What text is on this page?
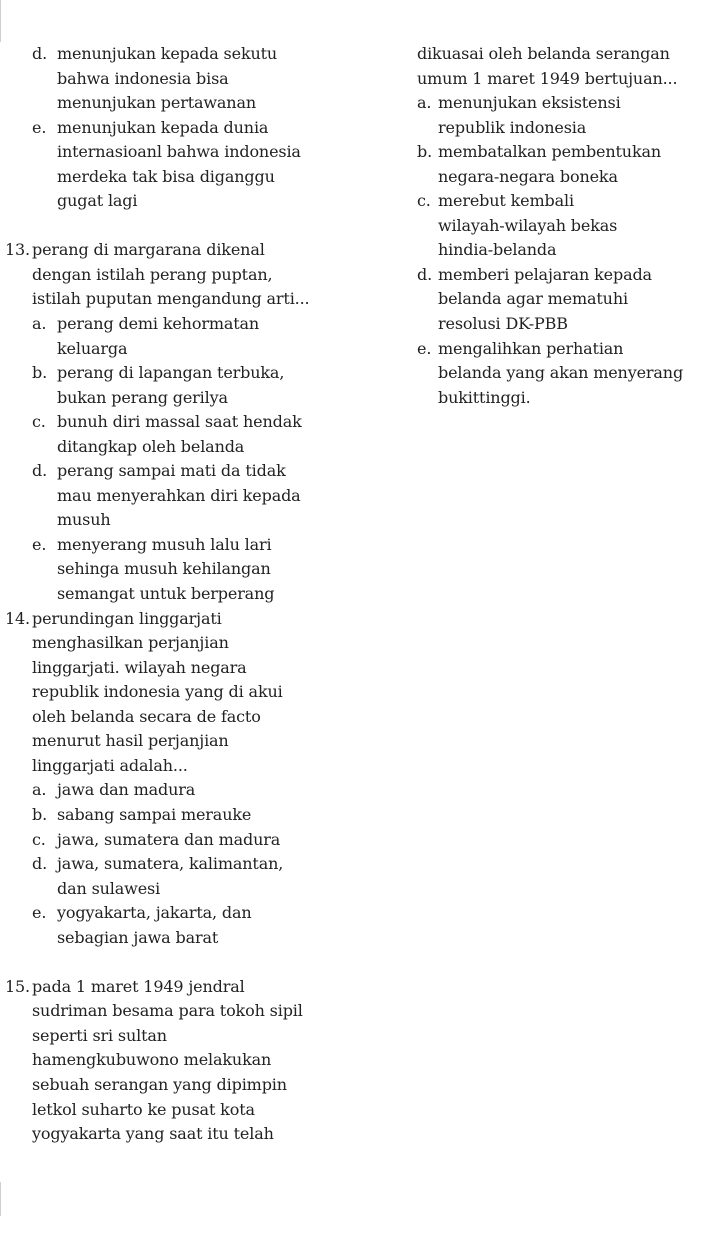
d. menunjukan kepada sekutu
bahwa indonesia bisa
menunjukan pertawanan
e. menunjukan kepada dunia
internasioanl bahwa indonesia
merdeka tak bisa diganggu
gugat lagi
13. perang di margarana dikenal
dengan istilah perang puptan,
istilah puputan mengandung arti...
a. perang demi kehormatan
keluarga
b. perang di lapangan terbuka,
bukan perang gerilya
c. bunuh diri massal saat hendak
ditangkap oleh belanda
d. perang sampai mati da tidak
mau menyerahkan diri kepada
musuh
e. menyerang musuh lalu lari
sehinga musuh kehilangan
semangat untuk berperang
14. perundingan linggarjati
menghasilkan perjanjian
linggarjati. wilayah negara
republik indonesia yang di akui
oleh belanda secara de facto
menurut hasil perjanjian
linggarjati adalah...
a. jawa dan madura
b. sabang sampai merauke
c. jawa, sumatera dan madura
d. jawa, sumatera, kalimantan,
dan sulawesi
e. yogyakarta, jakarta, dan
sebagian jawa barat
15. pada 1 maret 1949 jendral
sudriman besama para tokoh sipil
seperti sri sultan
hamengkubuwono melakukan
sebuah serangan yang dipimpin
letkol suharto ke pusat kota
yogyakarta yang saat itu telah
dikuasai oleh belanda serangan
umum 1 maret 1949 bertujuan...
a. menunjukan eksistensi
republik indonesia
b. membatalkan pembentukan
negara-negara boneka
c. merebut kembali
wilayah-wilayah bekas
hindia-belanda
d. memberi pelajaran kepada
belanda agar mematuhi
resolusi DK-PBB
e. mengalihkan perhatian
belanda yang akan menyerang
bukittinggi.
